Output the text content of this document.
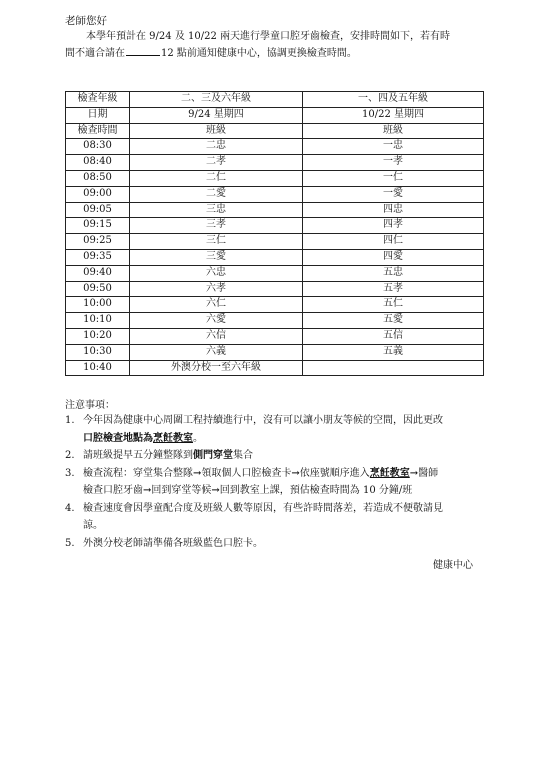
老師您好
本學年預計在 9/24 及 10/22 兩天進行學童口腔牙齒檢查，安排時間如下，若有時
間不適合請在	12 點前通知健康中心，協調更換檢查時間。
檢查年級	二、三及六年級	一、四及五年級
日期	9/24 星期四	10/22 星期四
檢查時間	班級	班級
08:30	二忠	一忠
08:40	二孝	一孝
08:50	二仁	一仁
09:00	二愛	一愛
09:05	三忠	四忠
09:15	三孝	四孝
09:25	三仁	四仁
09:35	三愛	四愛
09:40	六忠	五忠
09:50	六孝	五孝
10:00	六仁	五仁
10:10	六愛	五愛
10:20	六信	五信
10:30	六義	五義
10:40	外澳分校一至六年級	
注意事項：
1. 今年因為健康中心周圍工程持續進行中，沒有可以讓小朋友等候的空間，因此更改
口腔檢查地點為烹飪教室。
2. 請班級提早五分鐘整隊到側門穿堂集合
3. 檢查流程：穿堂集合整隊→領取個人口腔檢查卡→依座號順序進入烹飪教室→醫師
檢查口腔牙齒→回到穿堂等候→回到教室上課，預估檢查時間為 10 分鐘/班
4. 檢查速度會因學童配合度及班級人數等原因，有些許時間落差，若造成不便敬請見
諒。
5. 外澳分校老師請準備各班級藍色口腔卡。
健康中心
